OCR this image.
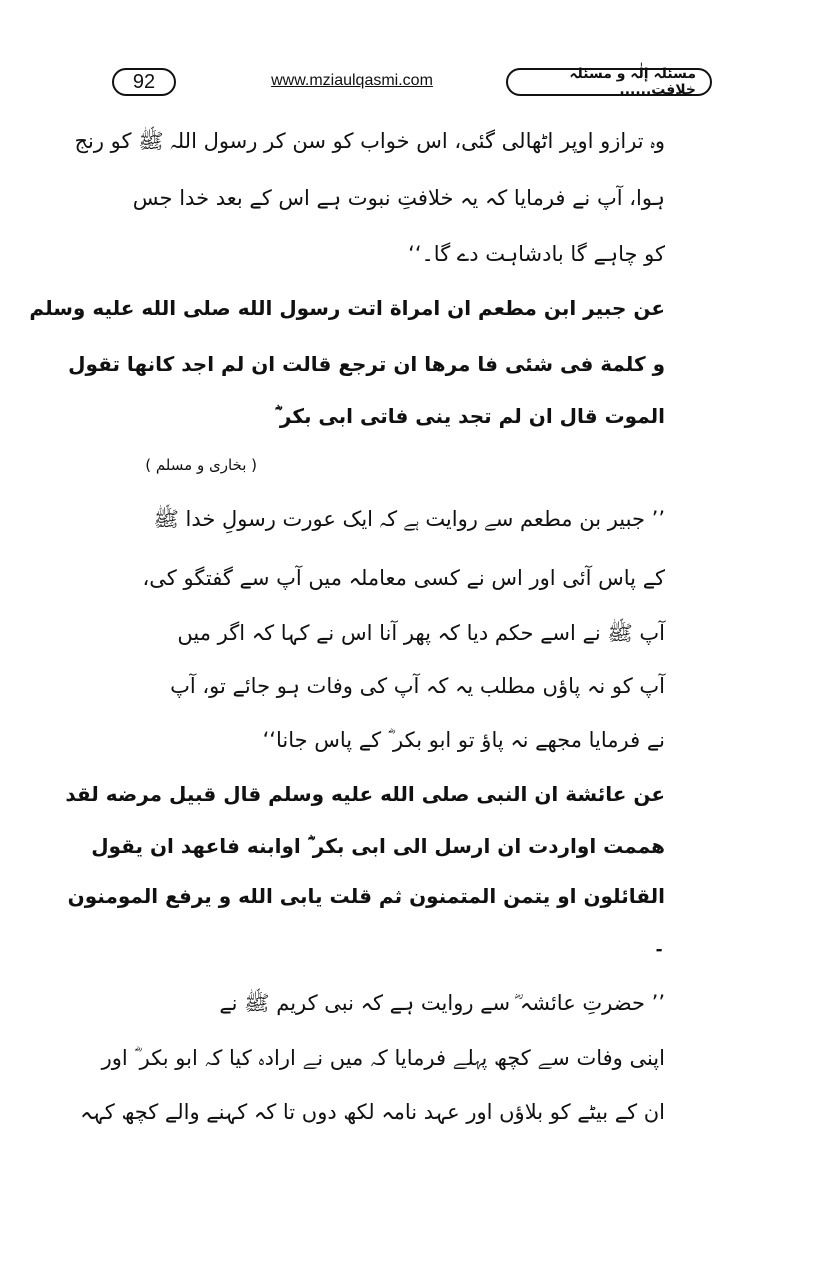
92	www.mziaulqasmi.com	مسئلہ إلٰہ و مسئلہ خلافت......
وہ ترازو اوپر اٹھالی گئی، اس خواب کو سن کر رسول اللہ ﷺ کو رنج
ہوا، آپ نے فرمایا کہ یہ خلافتِ نبوت ہے اس کے بعد خدا جس
کو چاہے گا بادشاہت دے گا۔‘‘
عن جبير ابن مطعم ان امراة اتت رسول الله صلى الله عليه وسلم
و كلمة فى شئى فا مرها ان ترجع قالت ان لم اجد كانها تقول
الموت قال ان لم تجد ينى فاتى ابى بكر ؓ
( بخاری و مسلم )
’’ جبیر بن مطعم سے روایت ہے کہ ایک عورت رسولِ خدا ﷺ
کے پاس آئی اور اس نے کسی معاملہ میں آپ سے گفتگو کی،
آپ ﷺ نے اسے حکم دیا کہ پھر آنا اس نے کہا کہ اگر میں
آپ کو نہ پاؤں مطلب یہ کہ آپ کی وفات ہو جائے تو، آپ
نے فرمایا مجھے نہ پاؤ تو ابو بکر ؓ کے پاس جانا‘‘
عن عائشة ان النبى صلى الله عليه وسلم قال قبيل مرضه لقد
هممت اواردت ان ارسل الى ابى بكر ؓ اوابنه فاعهد ان يقول
القائلون او يتمن المتمنون ثم قلت يابى الله و يرفع المومنون
۔
’’ حضرتِ عائشہ ؓ سے روایت ہے کہ نبی کریم ﷺ نے
اپنی وفات سے کچھ پہلے فرمایا کہ میں نے ارادہ کیا کہ ابو بکر ؓ اور
ان کے بیٹے کو بلاؤں اور عہد نامہ لکھ دوں تا کہ کہنے والے کچھ کہہ
